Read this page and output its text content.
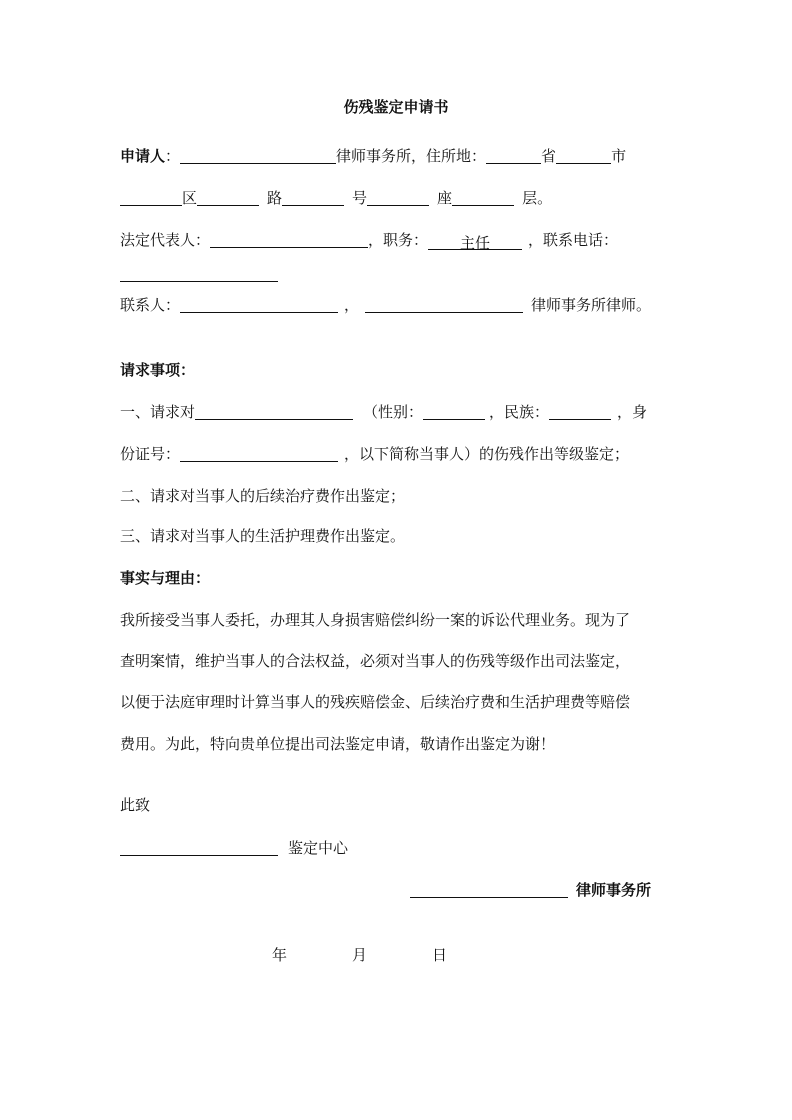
伤残鉴定申请书
申请人：	律师事务所，住所地：	省	市
区	路	号	座	层。
法定代表人：	，职务： 主任	，联系电话：
联系人：	，	律师事务所律师。
请求事项：
一、请求对	（性别：	，民族：	，身
份证号：	，以下简称当事人）的伤残作出等级鉴定；
二、请求对当事人的后续治疗费作出鉴定；
三、请求对当事人的生活护理费作出鉴定。
事实与理由：
我所接受当事人委托，办理其人身损害赔偿纠纷一案的诉讼代理业务。现为了
查明案情，维护当事人的合法权益，必须对当事人的伤残等级作出司法鉴定，
以便于法庭审理时计算当事人的残疾赔偿金、后续治疗费和生活护理费等赔偿
费用。为此，特向贵单位提出司法鉴定申请，敬请作出鉴定为谢！
此致
鉴定中心
律师事务所
年	月	日
